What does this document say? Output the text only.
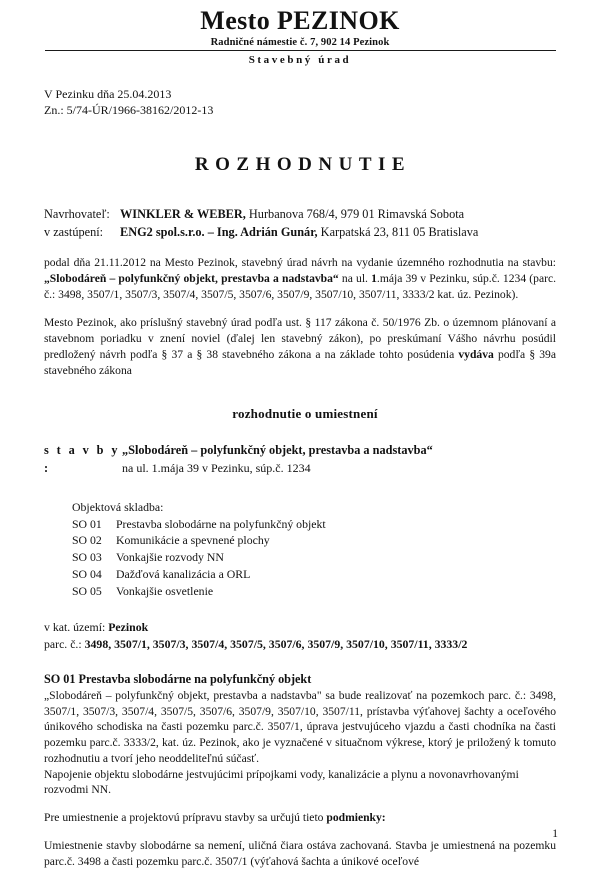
Mesto PEZINOK
Radničné námestie č. 7, 902 14 Pezinok
Stavebný úrad
V Pezinku dňa 25.04.2013
Zn.: 5/74-ÚR/1966-38162/2012-13
ROZHODNUTIE
Navrhovateľ: WINKLER & WEBER, Hurbanova 768/4, 979 01 Rimavská Sobota
v zastúpení: ENG2 spol.s.r.o. – Ing. Adrián Gunár, Karpatská 23, 811 05 Bratislava

podal dňa 21.11.2012 na Mesto Pezinok, stavebný úrad návrh na vydanie územného rozhodnutia na stavbu: „Slobodáreň – polyfunkčný objekt, prestavba a nadstavba“ na ul. 1.mája 39 v Pezinku, súp.č. 1234 (parc. č.: 3498, 3507/1, 3507/3, 3507/4, 3507/5, 3507/6, 3507/9, 3507/10, 3507/11, 3333/2 kat. úz. Pezinok).

Mesto Pezinok, ako príslušný stavebný úrad podľa ust. § 117 zákona č. 50/1976 Zb. o územnom plánovaní a stavebnom poriadku v znení noviel (ďalej len stavebný zákon), po preskúmaní Vášho návrhu posúdil predložený návrh podľa § 37 a § 38 stavebného zákona a na základe tohto posúdenia vydáva podľa § 39a stavebného zákona

rozhodnutie o umiestnení
s t a v b y :„Slobodáreň – polyfunkčný objekt, prestavba a nadstavba“
na ul. 1.mája 39 v Pezinku, súp.č. 1234
Objektová skladba:
SO 01 Prestavba slobodárne na polyfunkčný objekt
SO 02 Komunikácie a spevnené plochy
SO 03 Vonkajšie rozvody NN
SO 04 Dažďová kanalizácia a ORL
SO 05 Vonkajšie osvetlenie
v kat. území: Pezinok
parc. č.: 3498, 3507/1, 3507/3, 3507/4, 3507/5, 3507/6, 3507/9, 3507/10, 3507/11, 3333/2
SO 01 Prestavba slobodárne na polyfunkčný objekt

„Slobodáreň – polyfunkčný objekt, prestavba a nadstavba" sa bude realizovať na pozemkoch parc. č.: 3498, 3507/1, 3507/3, 3507/4, 3507/5, 3507/6, 3507/9, 3507/10, 3507/11, prístavba výťahovej šachty a oceľového únikového schodiska na časti pozemku parc.č. 3507/1, úprava jestvujúceho vjazdu a časti chodníka na časti pozemku parc.č. 3333/2, kat. úz. Pezinok, ako je vyznačené v situačnom výkrese, ktorý je priložený k tomuto rozhodnutiu a tvorí jeho neoddeliteľnú súčasť.

Napojenie objektu slobodárne jestvujúcimi prípojkami vody, kanalizácie a plynu a novonavrhovanými rozvodmi NN.

Pre umiestnenie a projektovú prípravu stavby sa určujú tieto podmienky:

Umiestnenie stavby slobodárne sa nemení, uličná čiara ostáva zachovaná. Stavba je umiestnená na pozemku parc.č. 3498 a časti pozemku parc.č. 3507/1 (výťahová šachta a únikové oceľové

1
